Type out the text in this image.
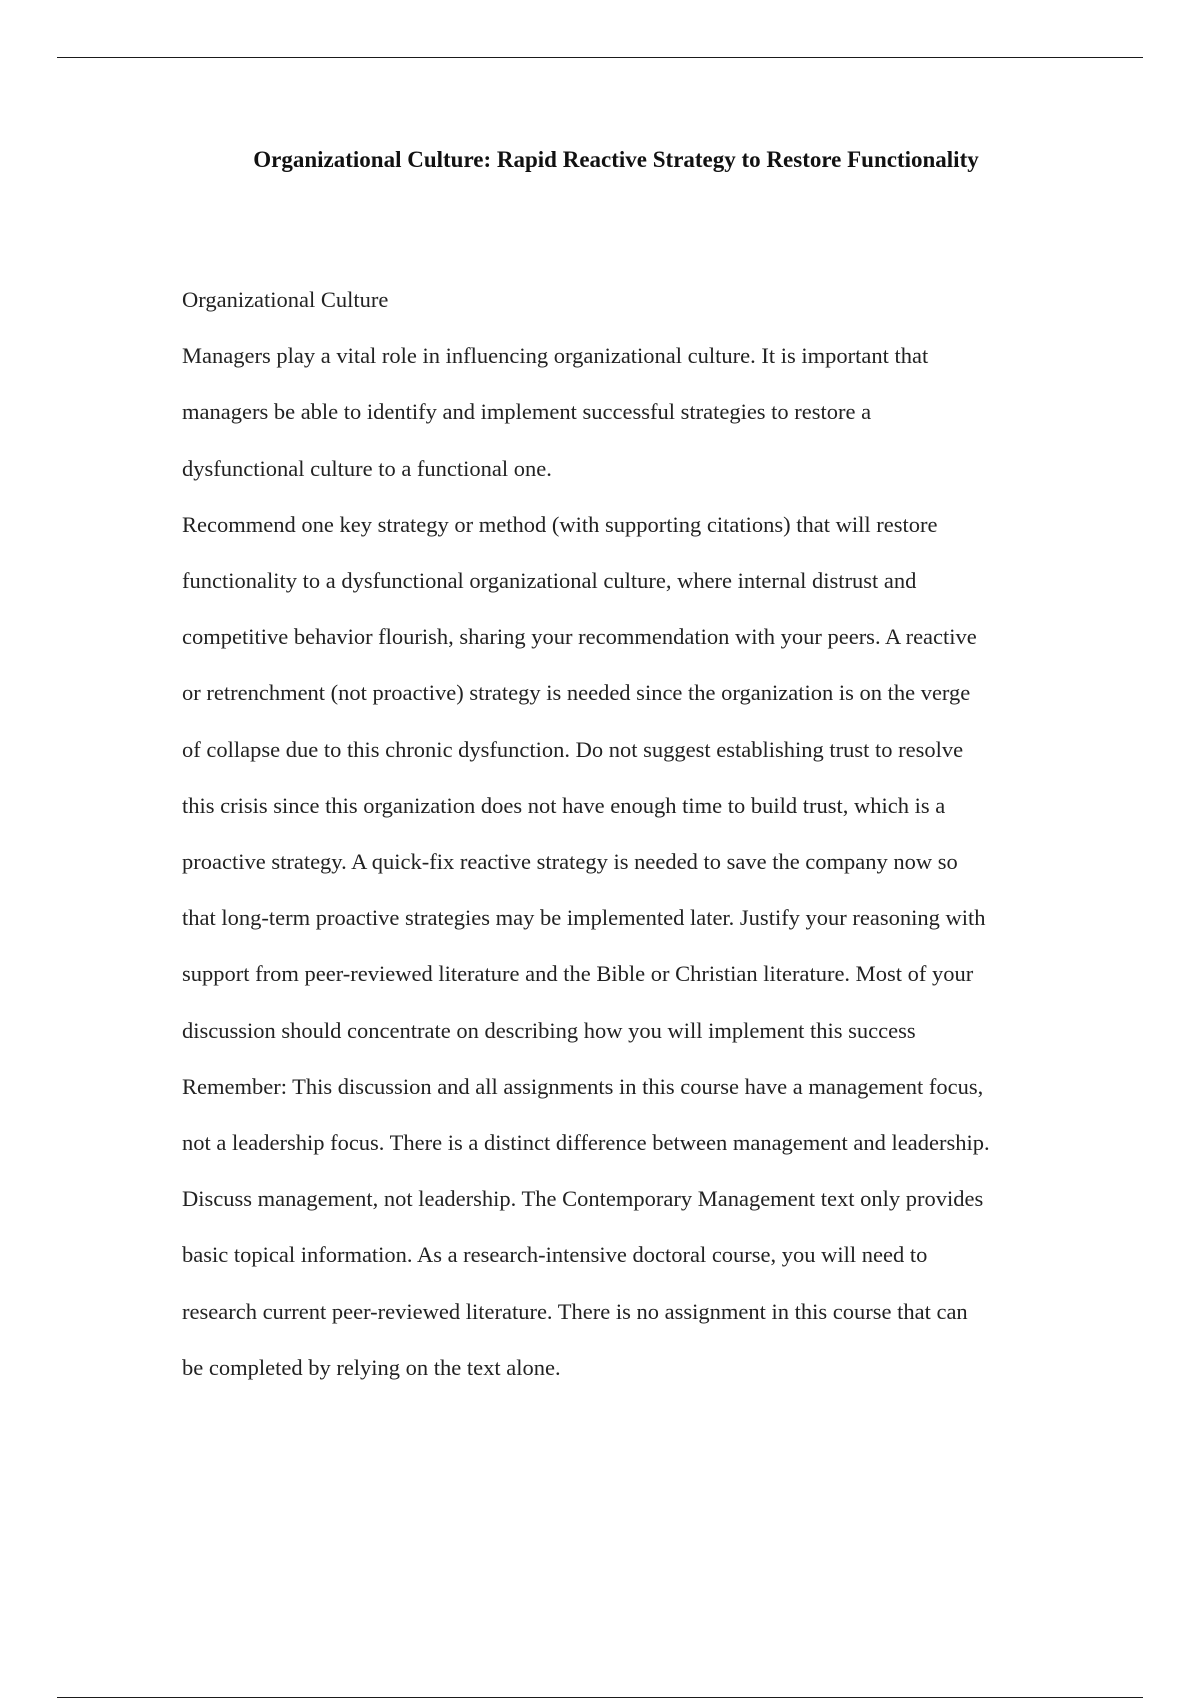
Organizational Culture: Rapid Reactive Strategy to Restore Functionality

Organizational Culture

Managers play a vital role in influencing organizational culture. It is important that
managers be able to identify and implement successful strategies to restore a
dysfunctional culture to a functional one.

Recommend one key strategy or method (with supporting citations) that will restore
functionality to a dysfunctional organizational culture, where internal distrust and
competitive behavior flourish, sharing your recommendation with your peers. A reactive
or retrenchment (not proactive) strategy is needed since the organization is on the verge
of collapse due to this chronic dysfunction. Do not suggest establishing trust to resolve
this crisis since this organization does not have enough time to build trust, which is a
proactive strategy. A quick-fix reactive strategy is needed to save the company now so
that long-term proactive strategies may be implemented later. Justify your reasoning with
support from peer-reviewed literature and the Bible or Christian literature. Most of your
discussion should concentrate on describing how you will implement this success

Remember: This discussion and all assignments in this course have a management focus,
not a leadership focus. There is a distinct difference between management and leadership.
Discuss management, not leadership. The Contemporary Management text only provides
basic topical information. As a research-intensive doctoral course, you will need to
research current peer-reviewed literature. There is no assignment in this course that can
be completed by relying on the text alone.
